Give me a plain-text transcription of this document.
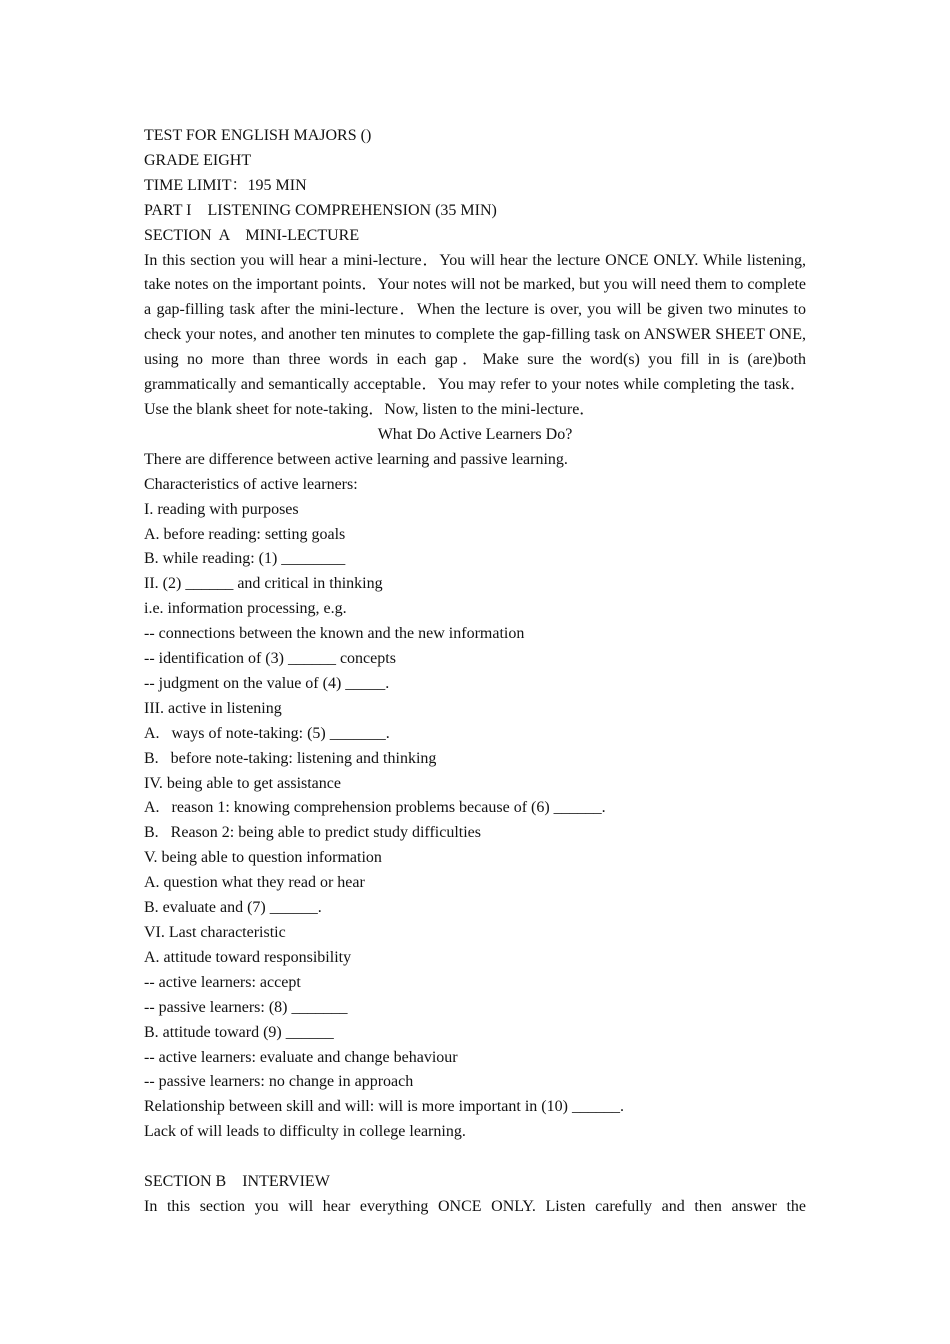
TEST FOR ENGLISH MAJORS ()

GRADE EIGHT

TIME LIMIT：195 MIN

PART I    LISTENING COMPREHENSION (35 MIN)

SECTION  A    MINI-LECTURE

In this section you will hear a mini-lecture．You will hear the lecture ONCE ONLY. While listening, take notes on the important points．Your notes will not be marked, but you will need them to complete a gap-filling task after the mini-lecture．When the lecture is over, you will be given two minutes to check your notes, and another ten minutes to complete the gap-filling task on ANSWER SHEET ONE, using no more than three words in each gap．Make sure the word(s) you fill in is (are)both grammatically and semantically acceptable．You may refer to your notes while completing the task．Use the blank sheet for note-taking．Now, listen to the mini-lecture．

What Do Active Learners Do?

There are difference between active learning and passive learning.

Characteristics of active learners:

I. reading with purposes

A. before reading: setting goals

B. while reading: (1) ________

II. (2) ______ and critical in thinking

i.e. information processing, e.g.

-- connections between the known and the new information

-- identification of (3) ______ concepts

-- judgment on the value of (4) _____.

III. active in listening

A.   ways of note-taking: (5) _______.

B.   before note-taking: listening and thinking

IV. being able to get assistance

A.   reason 1: knowing comprehension problems because of (6) ______.

B.   Reason 2: being able to predict study difficulties

V. being able to question information

A. question what they read or hear

B. evaluate and (7) ______.

VI. Last characteristic

A. attitude toward responsibility

-- active learners: accept

-- passive learners: (8) _______

B. attitude toward (9) ______

-- active learners: evaluate and change behaviour

-- passive learners: no change in approach

Relationship between skill and will: will is more important in (10) ______.

Lack of will leads to difficulty in college learning.

SECTION B    INTERVIEW

In this section you will hear everything ONCE ONLY. Listen carefully and then answer the
